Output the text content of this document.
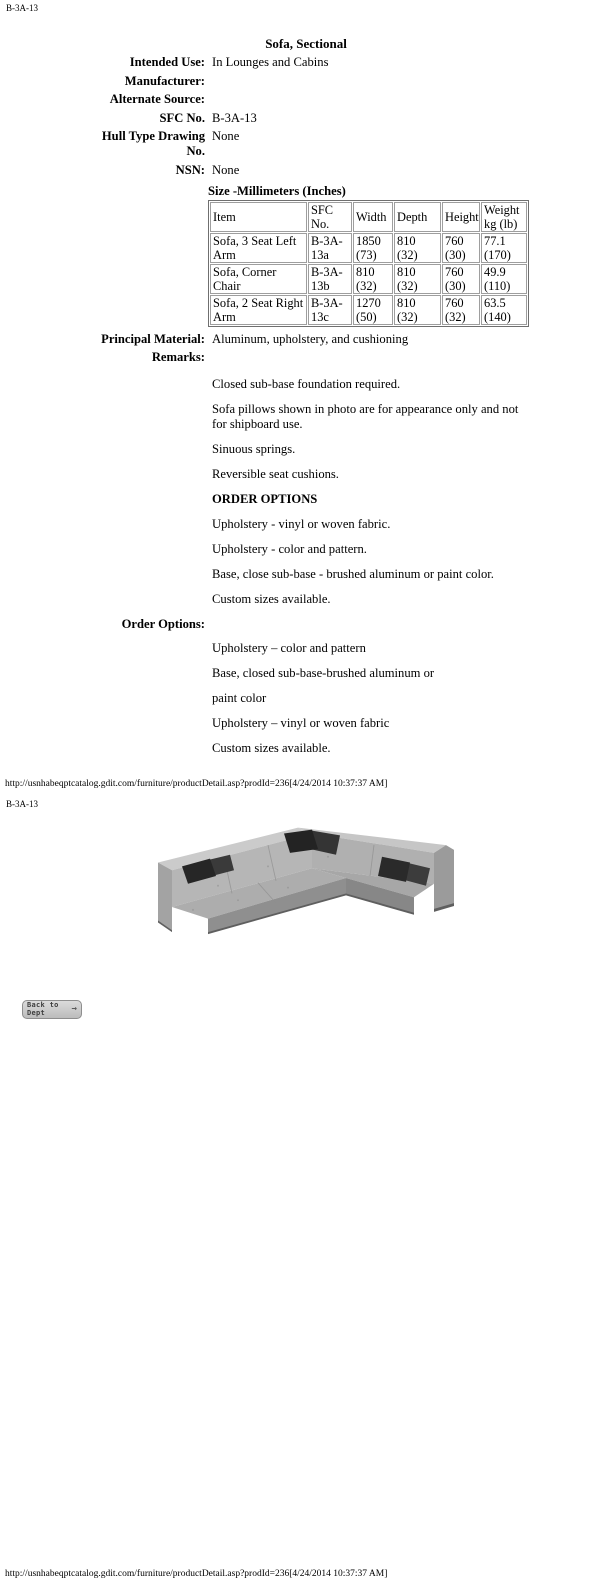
B-3A-13
Sofa, Sectional
Intended Use: In Lounges and Cabins
Manufacturer:
Alternate Source:
SFC No. B-3A-13
Hull Type Drawing No.
None
NSN: None
Size -Millimeters (Inches)
Item	SFC No.	Width	Depth	Height	Weight kg (lb)
Sofa, 3 Seat Left Arm	B-3A-13a	1850 (73)	810 (32)	760 (30)	77.1 (170)
Sofa, Corner Chair	B-3A-13b	810 (32)	810 (32)	760 (30)	49.9 (110)
Sofa, 2 Seat Right Arm	B-3A-13c	1270 (50)	810 (32)	760 (32)	63.5 (140)
Principal Material: Aluminum, upholstery, and cushioning
Remarks:

Closed sub-base foundation required.

Sofa pillows shown in photo are for appearance only and not for shipboard use.

Sinuous springs.

Reversible seat cushions.

ORDER OPTIONS

Upholstery - vinyl or woven fabric.

Upholstery - color and pattern.

Base, close sub-base - brushed aluminum or paint color.

Custom sizes available.

Order Options:

Upholstery – color and pattern

Base, closed sub-base-brushed aluminum or

paint color

Upholstery – vinyl or woven fabric

Custom sizes available.

http://usnhabeqptcatalog.gdit.com/furniture/productDetail.asp?prodId=236[4/24/2014 10:37:37 AM]
B-3A-13
Back to
Dept	→
http://usnhabeqptcatalog.gdit.com/furniture/productDetail.asp?prodId=236[4/24/2014 10:37:37 AM]
